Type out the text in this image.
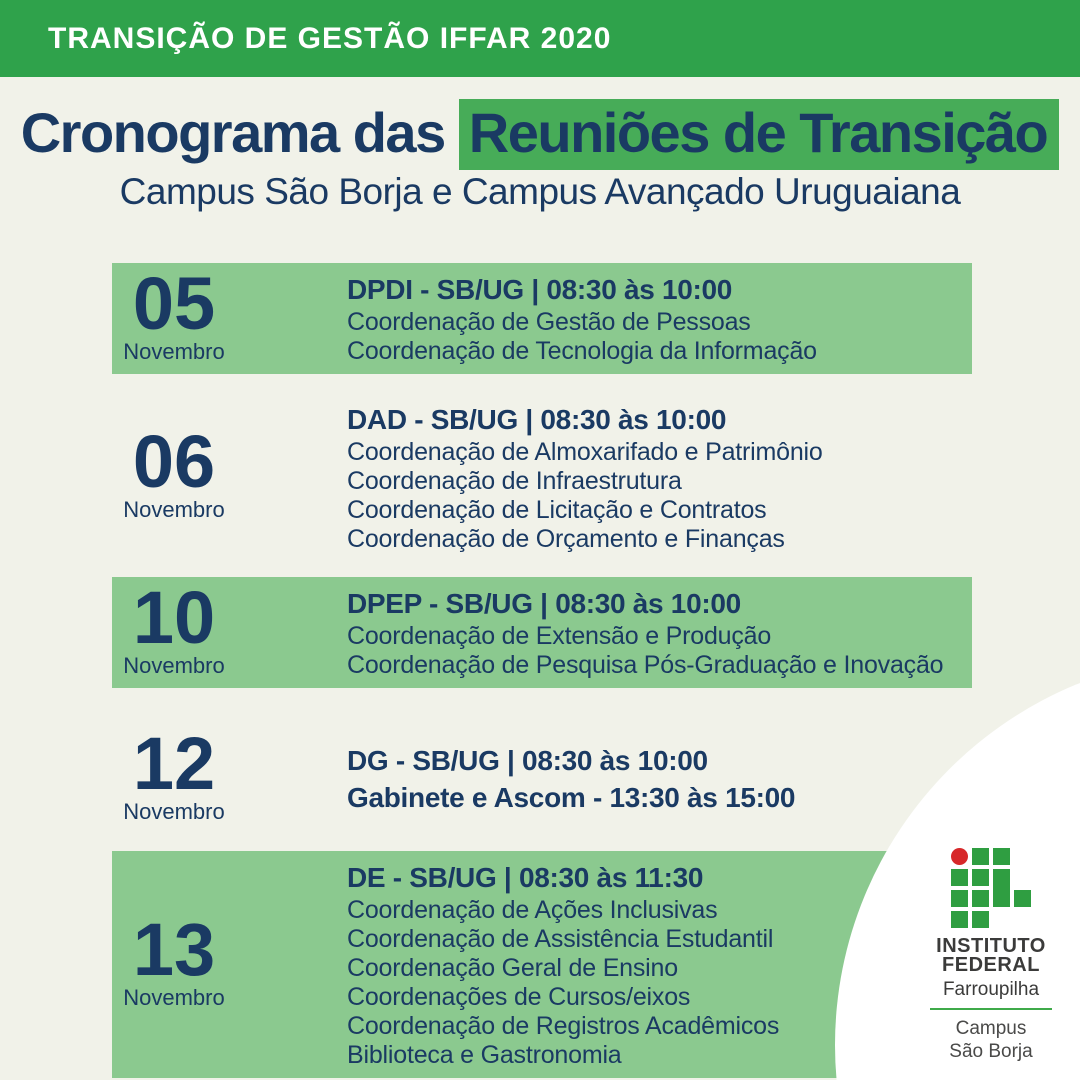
TRANSIÇÃO DE GESTÃO IFFAR 2020
Cronograma das Reuniões de Transição
Campus São Borja e Campus Avançado Uruguaiana
05
Novembro
DPDI - SB/UG | 08:30 às 10:00
Coordenação de Gestão de Pessoas
Coordenação de Tecnologia da Informação
06
Novembro
DAD - SB/UG | 08:30 às 10:00
Coordenação de Almoxarifado e Patrimônio
Coordenação de Infraestrutura
Coordenação de Licitação e Contratos
Coordenação de Orçamento e Finanças
10
Novembro
DPEP - SB/UG | 08:30 às 10:00
Coordenação de Extensão e Produção
Coordenação de Pesquisa Pós-Graduação e Inovação
12
Novembro
DG - SB/UG | 08:30 às 10:00
Gabinete e Ascom - 13:30 às 15:00
13
Novembro
DE - SB/UG | 08:30 às 11:30
Coordenação de Ações Inclusivas
Coordenação de Assistência Estudantil
Coordenação Geral de Ensino
Coordenações de Cursos/eixos
Coordenação de Registros Acadêmicos
Biblioteca e Gastronomia
INSTITUTO
FEDERAL
Farroupilha
Campus
São Borja
